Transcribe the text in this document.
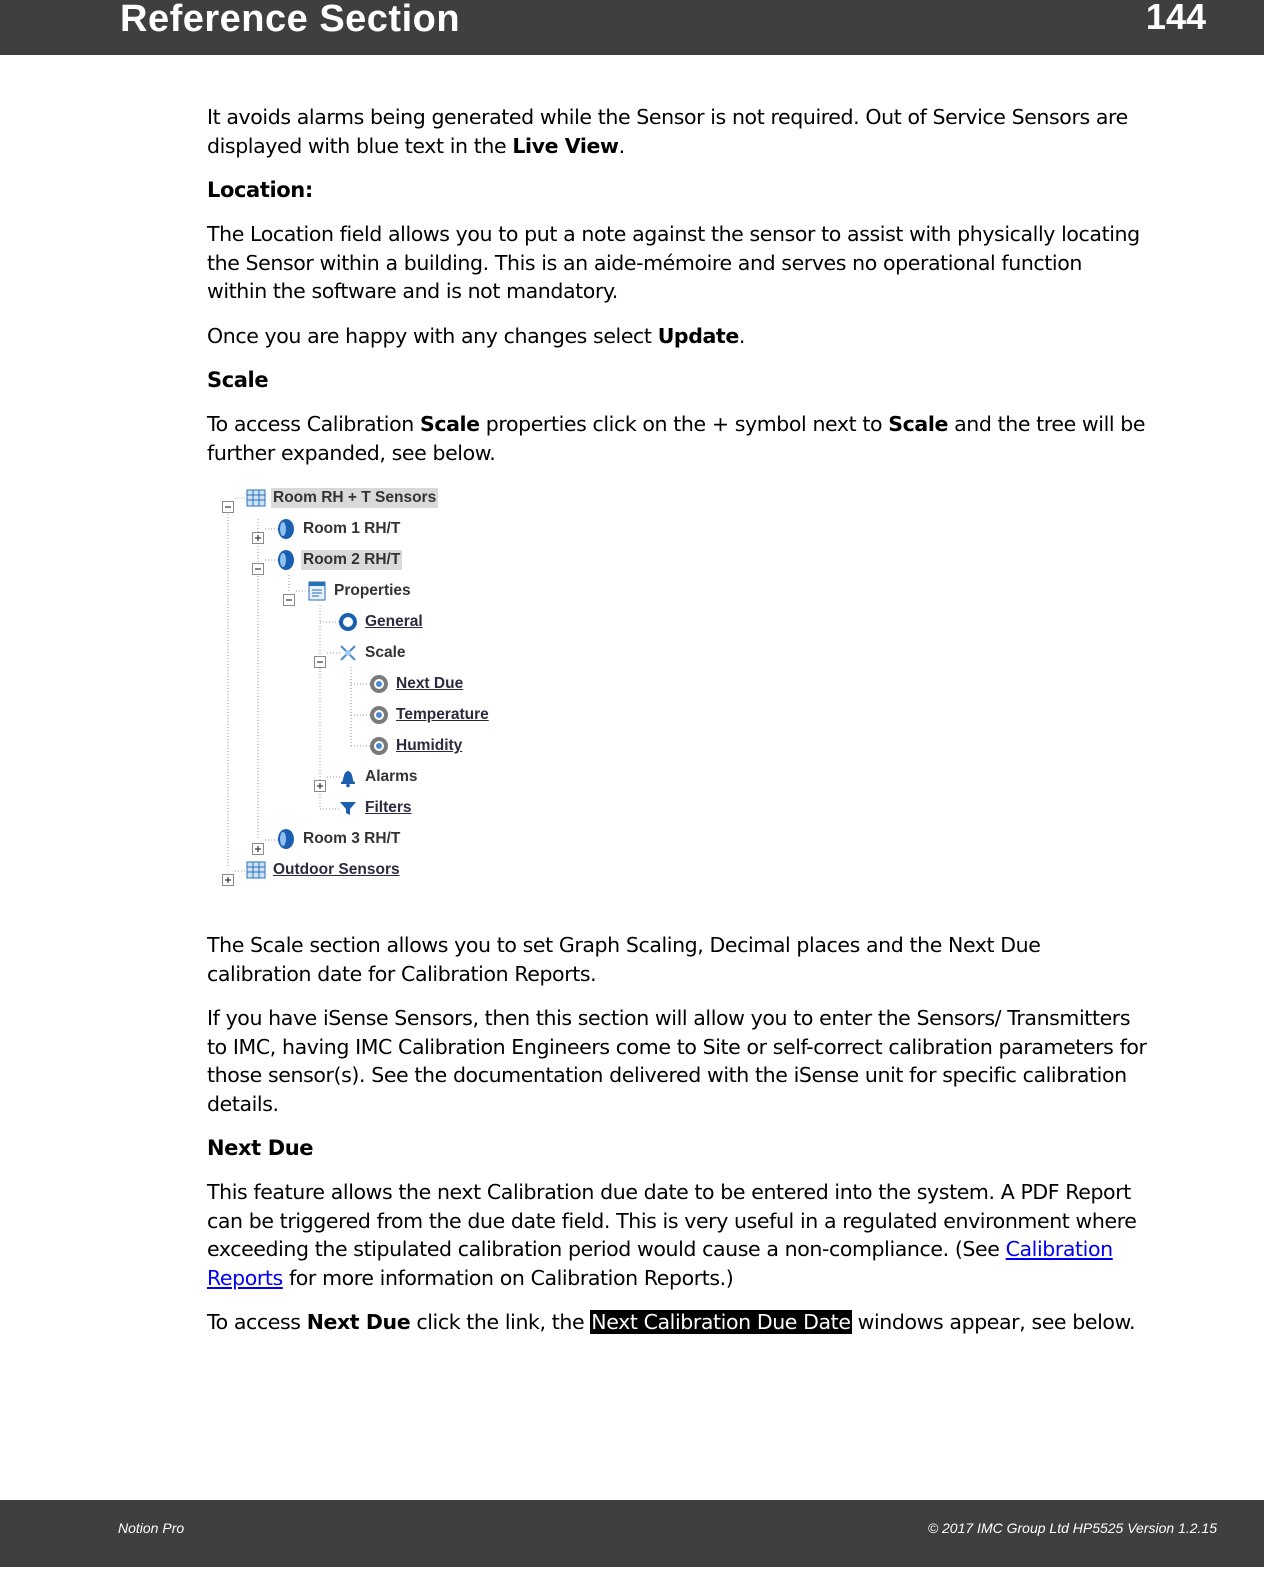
Reference Section	144

It avoids alarms being generated while the Sensor is not required. Out of Service Sensors are displayed with blue text in the Live View.

Location:

The Location field allows you to put a note against the sensor to assist with physically locating the Sensor within a building. This is an aide-mémoire and serves no operational function within the software and is not mandatory.

Once you are happy with any changes select Update.

Scale

To access Calibration Scale properties click on the + symbol next to Scale and the tree will be further expanded, see below.

Room RH + T Sensors
Room 1 RH/T
Room 2 RH/T
Properties
General
Scale
Next Due
Temperature
Humidity
Alarms
Filters
Room 3 RH/T
Outdoor Sensors

The Scale section allows you to set Graph Scaling, Decimal places and the Next Due calibration date for Calibration Reports.

If you have iSense Sensors, then this section will allow you to enter the Sensors/ Transmitters to IMC, having IMC Calibration Engineers come to Site or self-correct calibration parameters for those sensor(s). See the documentation delivered with the iSense unit for specific calibration details.

Next Due

This feature allows the next Calibration due date to be entered into the system. A PDF Report can be triggered from the due date field. This is very useful in a regulated environment where exceeding the stipulated calibration period would cause a non-compliance. (See Calibration Reports for more information on Calibration Reports.)

To access Next Due click the link, the Next Calibration Due Date windows appear, see below.

Notion Pro	© 2017 IMC Group Ltd HP5525 Version 1.2.15
